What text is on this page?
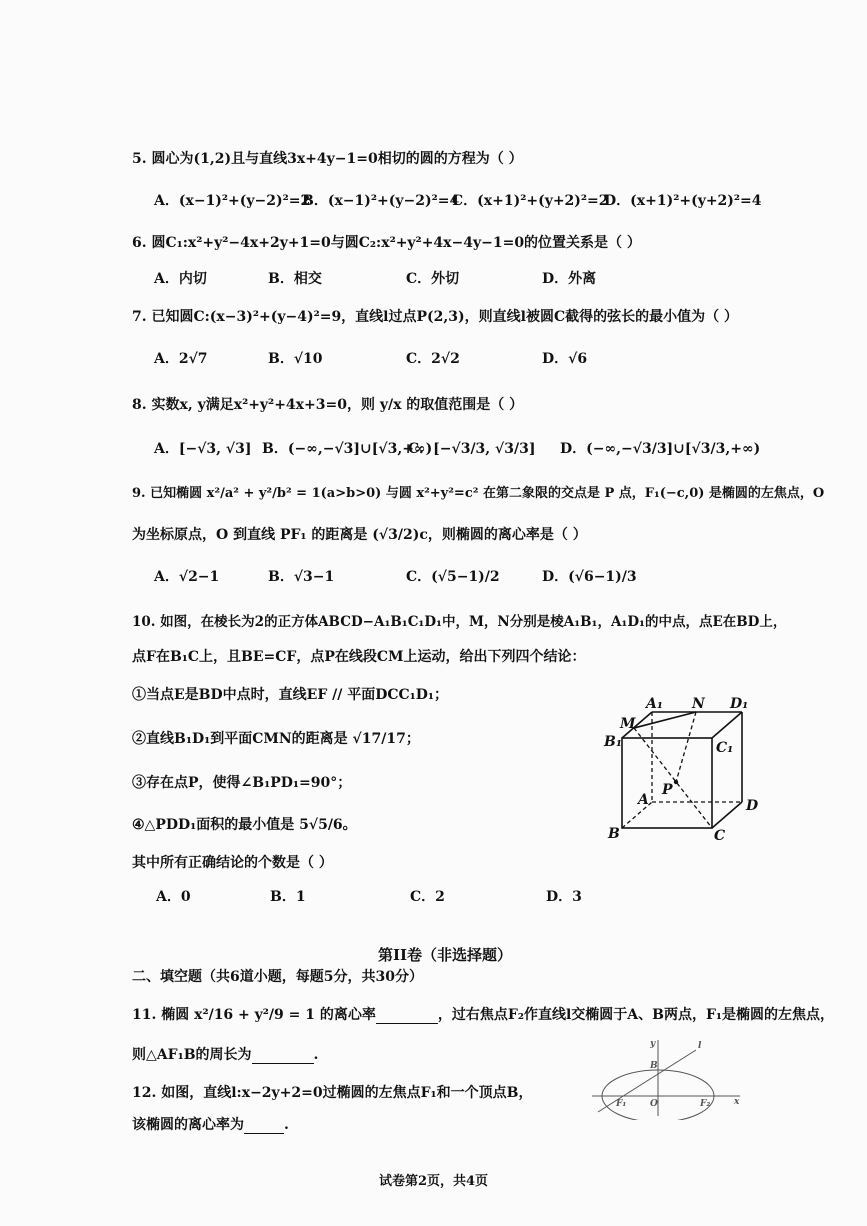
5. 圆心为(1,2)且与直线3x+4y−1=0相切的圆的方程为（ ）
A．(x−1)²+(y−2)²=2
B．(x−1)²+(y−2)²=4
C．(x+1)²+(y+2)²=2
D．(x+1)²+(y+2)²=4
6. 圆C₁:x²+y²−4x+2y+1=0与圆C₂:x²+y²+4x−4y−1=0的位置关系是（ ）
A．内切	B．相交	C．外切	D．外离
7. 已知圆C:(x−3)²+(y−4)²=9，直线l过点P(2,3)，则直线l被圆C截得的弦长的最小值为（ ）
A．2√7	B．√10	C．2√2	D．√6
8. 实数x, y满足x²+y²+4x+3=0，则 y/x 的取值范围是（ ）
A．[−√3, √3] B．(−∞,−√3]∪[√3,+∞)
C．[−√3/3, √3/3] D．(−∞,−√3/3]∪[√3/3,+∞)
9. 已知椭圆 x²/a² + y²/b² = 1(a>b>0) 与圆 x²+y²=c² 在第二象限的交点是 P 点，F₁(−c,0) 是椭圆的左焦点，O
为坐标原点，O 到直线 PF₁ 的距离是 (√3/2)c，则椭圆的离心率是（ ）
A．√2−1	B．√3−1	C．(√5−1)/2	D．(√6−1)/3
10. 如图，在棱长为2的正方体ABCD−A₁B₁C₁D₁中，M，N分别是棱A₁B₁，A₁D₁的中点，点E在BD上，
点F在B₁C上，且BE=CF，点P在线段CM上运动，给出下列四个结论：
①当点E是BD中点时，直线EF // 平面DCC₁D₁；
②直线B₁D₁到平面CMN的距离是 √17/17；
③存在点P，使得∠B₁PD₁=90°；
④△PDD₁面积的最小值是 5√5/6。
其中所有正确结论的个数是（ ）
A．0	B．1	C．2	D．3
A₁ N D₁
M
B₁	C₁
A
P
D
B	C
第II卷（非选择题）
二、填空题（共6道小题，每题5分，共30分）
11. 椭圆 x²/16 + y²/9 = 1 的离心率	，过右焦点F₂作直线l交椭圆于A、B两点，F₁是椭圆的左焦点，
则△AF₁B的周长为	.
12. 如图，直线l:x−2y+2=0过椭圆的左焦点F₁和一个顶点B，
该椭圆的离心率为	.
y	l
B
F₁	O	F₂	x
试卷第2页，共4页
